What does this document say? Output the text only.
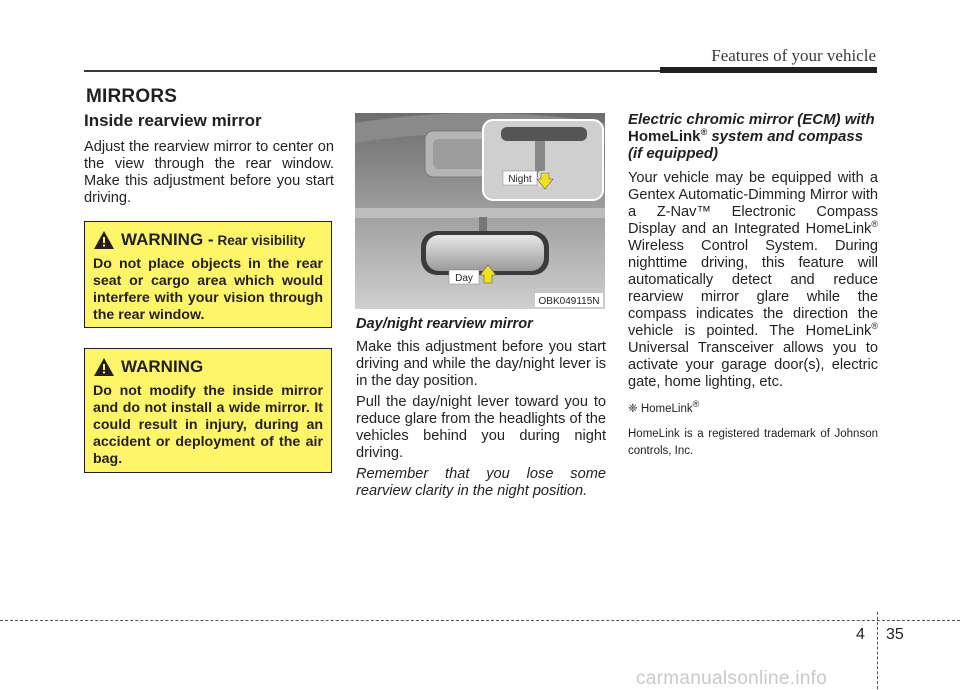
Features of your vehicle
MIRRORS
Inside rearview mirror

Adjust the rearview mirror to center on the view through the rear window. Make this adjustment before you start driving.

WARNING - Rear visibility
Do not place objects in the rear seat or cargo area which would interfere with your vision through the rear window.
WARNING
Do not modify the inside mirror and do not install a wide mirror. It could result in injury, during an accident or deployment of the air bag.
Night
Day
OBK049115N
Day/night rearview mirror

Make this adjustment before you start driving and while the day/night lever is in the day position.

Pull the day/night lever toward you to reduce glare from the headlights of the vehicles behind you during night driving.

Remember that you lose some rearview clarity in the night position.

Electric chromic mirror (ECM) with HomeLink® system and compass (if equipped)

Your vehicle may be equipped with a Gentex Automatic-Dimming Mirror with a Z-Nav™ Electronic Compass Display and an Integrated HomeLink® Wireless Control System. During nighttime driving, this feature will automatically detect and reduce rearview mirror glare while the compass indicates the direction the vehicle is pointed. The HomeLink® Universal Transceiver allows you to activate your garage door(s), electric gate, home lighting, etc.

❈ HomeLink®

HomeLink is a registered trademark of Johnson controls, Inc.

4 35
carmanualsonline.info
